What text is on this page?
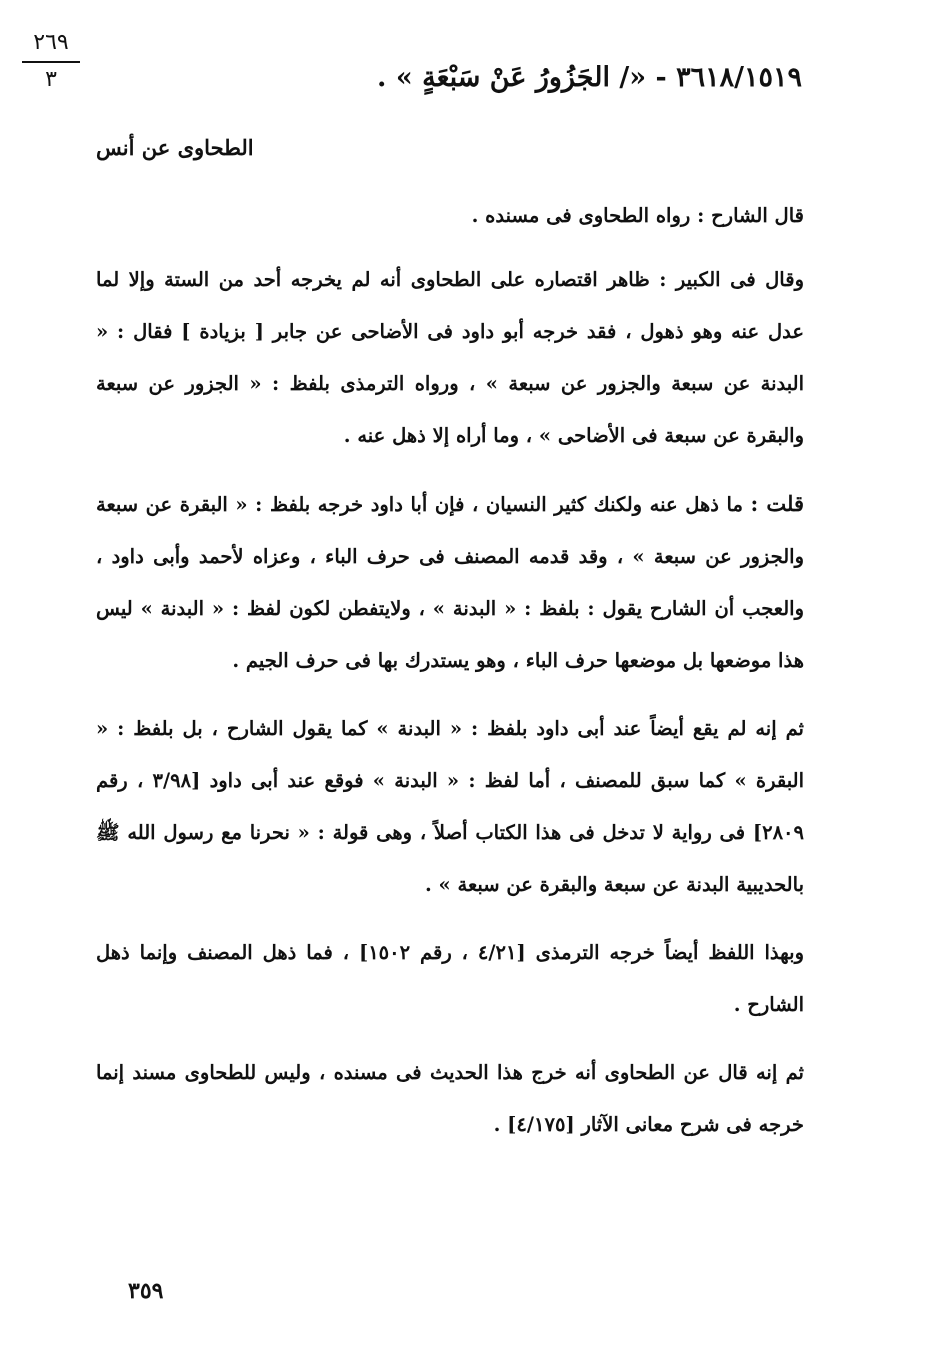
٢٦٩
٣	٣٦١٨/١٥١٩ - «/ الجَزُورُ عَنْ سَبْعَةٍ » .
الطحاوى عن أنس

قال الشارح : رواه الطحاوى فى مسنده .

وقال فى الكبير : ظاهر اقتصاره على الطحاوى أنه لم يخرجه أحد من الستة وإلا لما عدل عنه وهو ذهول ، فقد خرجه أبو داود فى الأضاحى عن جابر [ بزيادة ] فقال : « البدنة عن سبعة والجزور عن سبعة » ، ورواه الترمذى بلفظ : « الجزور عن سبعة والبقرة عن سبعة فى الأضاحى » ، وما أراه إلا ذهل عنه .

قلت : ما ذهل عنه ولكنك كثير النسيان ، فإن أبا داود خرجه بلفظ : « البقرة عن سبعة والجزور عن سبعة » ، وقد قدمه المصنف فى حرف الباء ، وعزاه لأحمد وأبى داود ، والعجب أن الشارح يقول : بلفظ : « البدنة » ، ولايتفطن لكون لفظ : « البدنة » ليس هذا موضعها بل موضعها حرف الباء ، وهو يستدرك بها فى حرف الجيم .

ثم إنه لم يقع أيضاً عند أبى داود بلفظ : « البدنة » كما يقول الشارح ، بل بلفظ : « البقرة » كما سبق للمصنف ، أما لفظ : « البدنة » فوقع عند أبى داود [٣/٩٨ ، رقم ٢٨٠٩] فى رواية لا تدخل فى هذا الكتاب أصلاً ، وهى قولة : « نحرنا مع رسول الله ﷺ بالحديبية البدنة عن سبعة والبقرة عن سبعة » .

وبهذا اللفظ أيضاً خرجه الترمذى [٤/٢١ ، رقم ١٥٠٢] ، فما ذهل المصنف وإنما ذهل الشارح .

ثم إنه قال عن الطحاوى أنه خرج هذا الحديث فى مسنده ، وليس للطحاوى مسند إنما خرجه فى شرح معانى الآثار [٤/١٧٥] .

٣٥٩
